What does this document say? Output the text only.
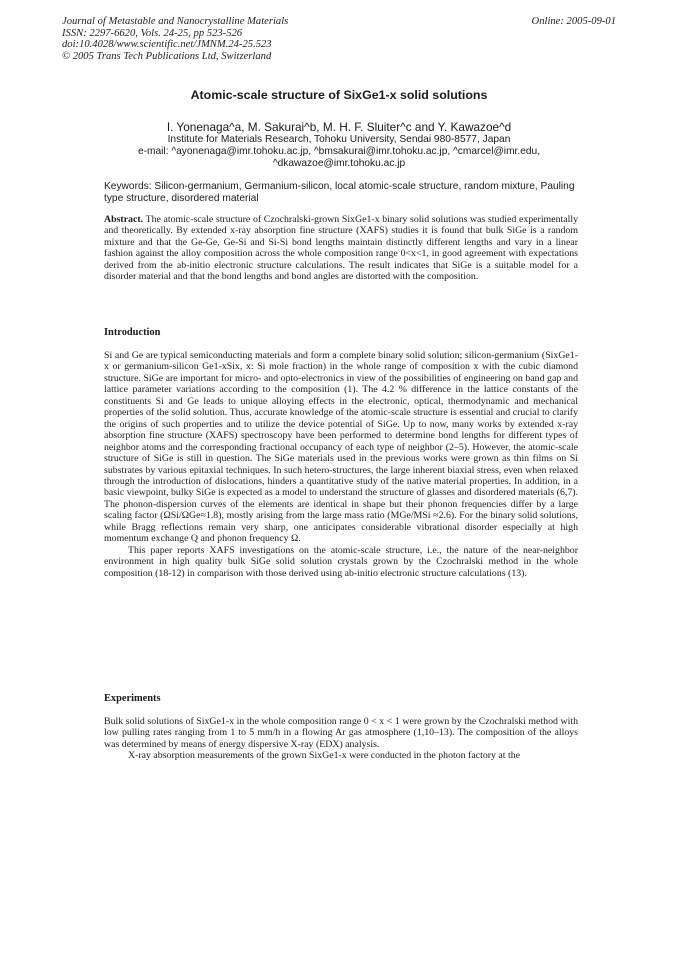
Journal of Metastable and Nanocrystalline Materials
ISSN: 2297-6620, Vols. 24-25, pp 523-526
doi:10.4028/www.scientific.net/JMNM.24-25.523
© 2005 Trans Tech Publications Ltd, Switzerland
Online: 2005-09-01
Atomic-scale structure of SixGe1-x solid solutions
I. Yonenaga^a, M. Sakurai^b, M. H. F. Sluiter^c and Y. Kawazoe^d
Institute for Materials Research, Tohoku University, Sendai 980-8577, Japan
e-mail: ^ayonenaga@imr.tohoku.ac.jp, ^bmsakurai@imr.tohoku.ac.jp, ^cmarcel@imr.edu,
^dkawazoe@imr.tohoku.ac.jp
Keywords: Silicon-germanium, Germanium-silicon, local atomic-scale structure, random mixture, Pauling type structure, disordered material
Abstract. The atomic-scale structure of Czochralski-grown SixGe1-x binary solid solutions was studied experimentally and theoretically. By extended x-ray absorption fine structure (XAFS) studies it is found that bulk SiGe is a random mixture and that the Ge-Ge, Ge-Si and Si-Si bond lengths maintain distinctly different lengths and vary in a linear fashion against the alloy composition across the whole composition range 0<x<1, in good agreement with expectations derived from the ab-initio electronic structure calculations. The result indicates that SiGe is a suitable model for a disorder material and that the bond lengths and bond angles are distorted with the composition.
Introduction

Si and Ge are typical semiconducting materials and form a complete binary solid solution; silicon-germanium (SixGe1-x or germanium-silicon Ge1-xSix, x: Si mole fraction) in the whole range of composition x with the cubic diamond structure. SiGe are important for micro- and opto-electronics in view of the possibilities of engineering on band gap and lattice parameter variations according to the composition (1). The 4.2 % difference in the lattice constants of the constituents Si and Ge leads to unique alloying effects in the electronic, optical, thermodynamic and mechanical properties of the solid solution. Thus, accurate knowledge of the atomic-scale structure is essential and crucial to clarify the origins of such properties and to utilize the device potential of SiGe. Up to now, many works by extended x-ray absorption fine structure (XAFS) spectroscopy have been performed to determine bond lengths for different types of neighbor atoms and the corresponding fractional occupancy of each type of neighbor (2–5). However, the atomic-scale structure of SiGe is still in question. The SiGe materials used in the previous works were grown as thin films on Si substrates by various epitaxial techniques. In such hetero-structures, the large inherent biaxial stress, even when relaxed through the introduction of dislocations, hinders a quantitative study of the native material properties. In addition, in a basic viewpoint, bulky SiGe is expected as a model to understand the structure of glasses and disordered materials (6,7). The phonon-dispersion curves of the elements are identical in shape but their phonon frequencies differ by a large scaling factor (ΩSi/ΩGe≈1.8), mostly arising from the large mass ratio (MGe/MSi ≈2.6). For the binary solid solutions, while Bragg reflections remain very sharp, one anticipates considerable vibrational disorder especially at high momentum exchange Q and phonon frequency Ω.

This paper reports XAFS investigations on the atomic-scale structure, i.e., the nature of the near-neighbor environment in high quality bulk SiGe solid solution crystals grown by the Czochralski method in the whole composition (18-12) in comparison with those derived using ab-initio electronic structure calculations (13).

Experiments

Bulk solid solutions of SixGe1-x in the whole composition range 0 < x < 1 were grown by the Czochralski method with low pulling rates ranging from 1 to 5 mm/h in a flowing Ar gas atmosphere (1,10–13). The composition of the alloys was determined by means of energy dispersive X-ray (EDX) analysis.

X-ray absorption measurements of the grown SixGe1-x were conducted in the photon factory at the
